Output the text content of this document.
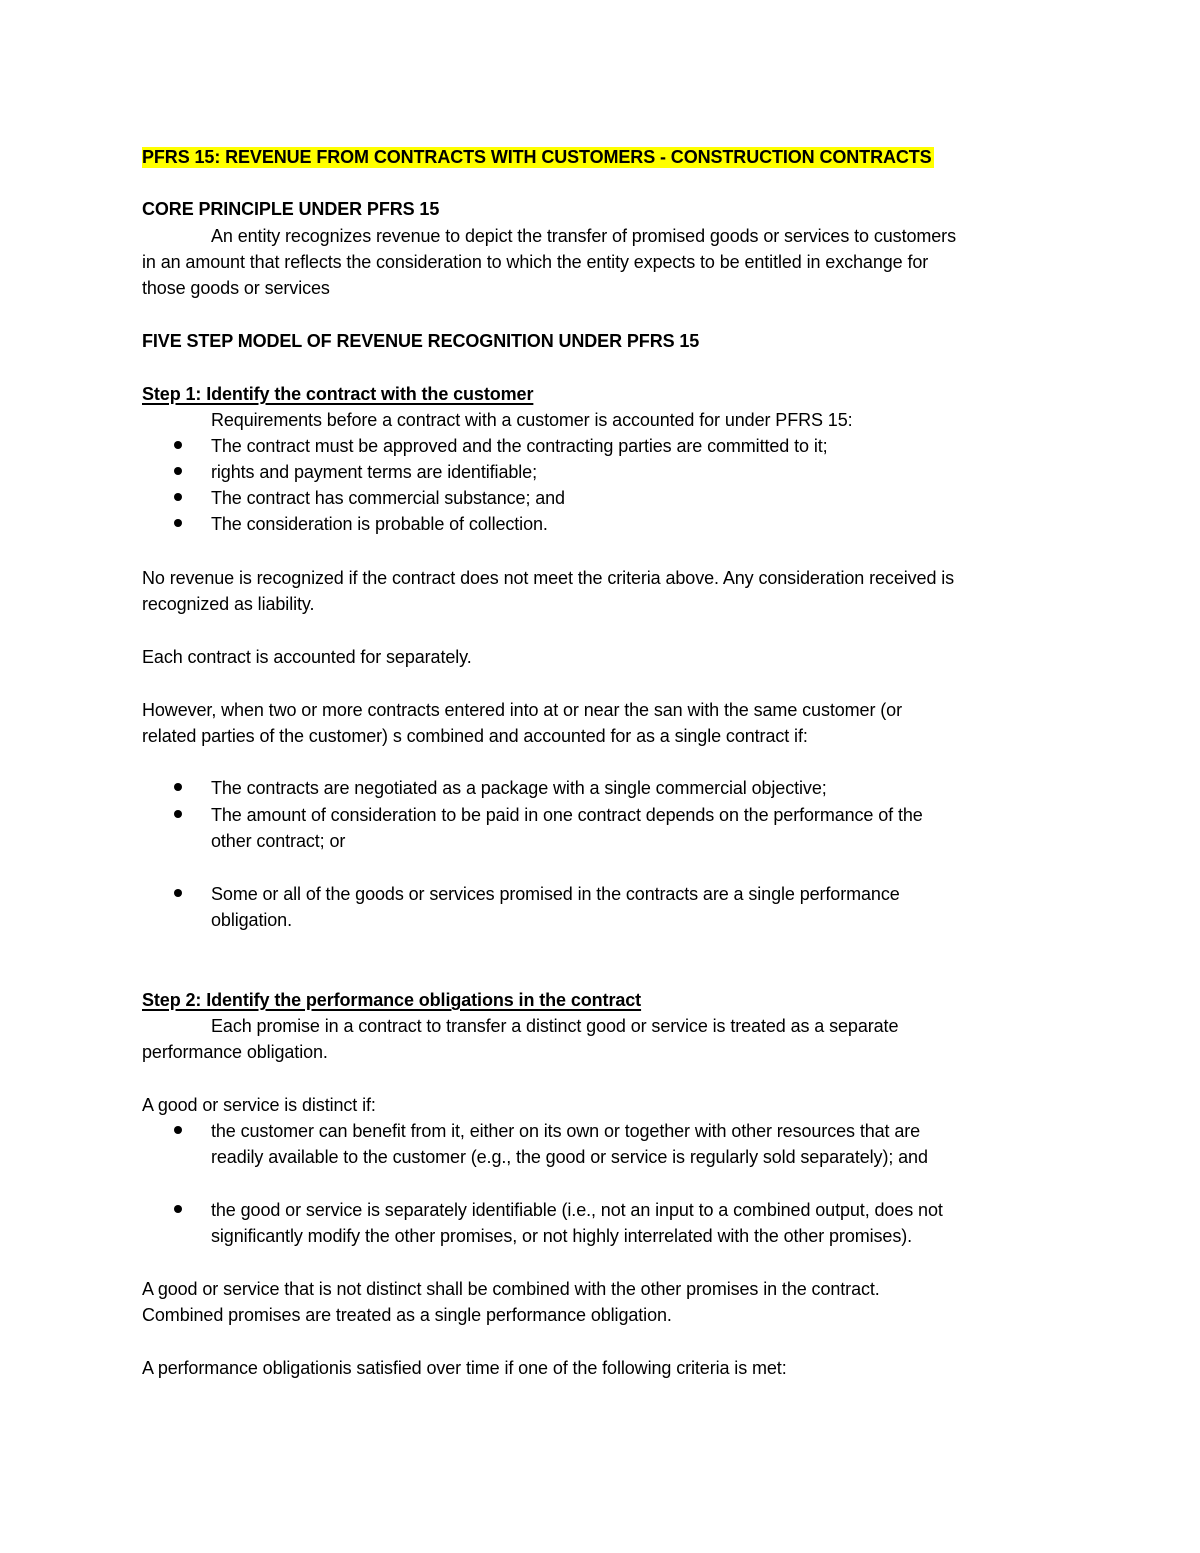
PFRS 15: REVENUE FROM CONTRACTS WITH CUSTOMERS - CONSTRUCTION CONTRACTS
CORE PRINCIPLE UNDER PFRS 15
An entity recognizes revenue to depict the transfer of promised goods or services to customers
in an amount that reflects the consideration to which the entity expects to be entitled in exchange for
those goods or services
FIVE STEP MODEL OF REVENUE RECOGNITION UNDER PFRS 15
Step 1: Identify the contract with the customer
Requirements before a contract with a customer is accounted for under PFRS 15:
The contract must be approved and the contracting parties are committed to it;
rights and payment terms are identifiable;
The contract has commercial substance; and
The consideration is probable of collection.
No revenue is recognized if the contract does not meet the criteria above. Any consideration received is
recognized as liability.
Each contract is accounted for separately.
However, when two or more contracts entered into at or near the san with the same customer (or
related parties of the customer) s combined and accounted for as a single contract if:
The contracts are negotiated as a package with a single commercial objective;
The amount of consideration to be paid in one contract depends on the performance of the
other contract; or
Some or all of the goods or services promised in the contracts are a single performance
obligation.
Step 2: Identify the performance obligations in the contract
Each promise in a contract to transfer a distinct good or service is treated as a separate
performance obligation.
A good or service is distinct if:
the customer can benefit from it, either on its own or together with other resources that are
readily available to the customer (e.g., the good or service is regularly sold separately); and
the good or service is separately identifiable (i.e., not an input to a combined output, does not
significantly modify the other promises, or not highly interrelated with the other promises).
A good or service that is not distinct shall be combined with the other promises in the contract.
Combined promises are treated as a single performance obligation.
A performance obligationis satisfied over time if one of the following criteria is met:
